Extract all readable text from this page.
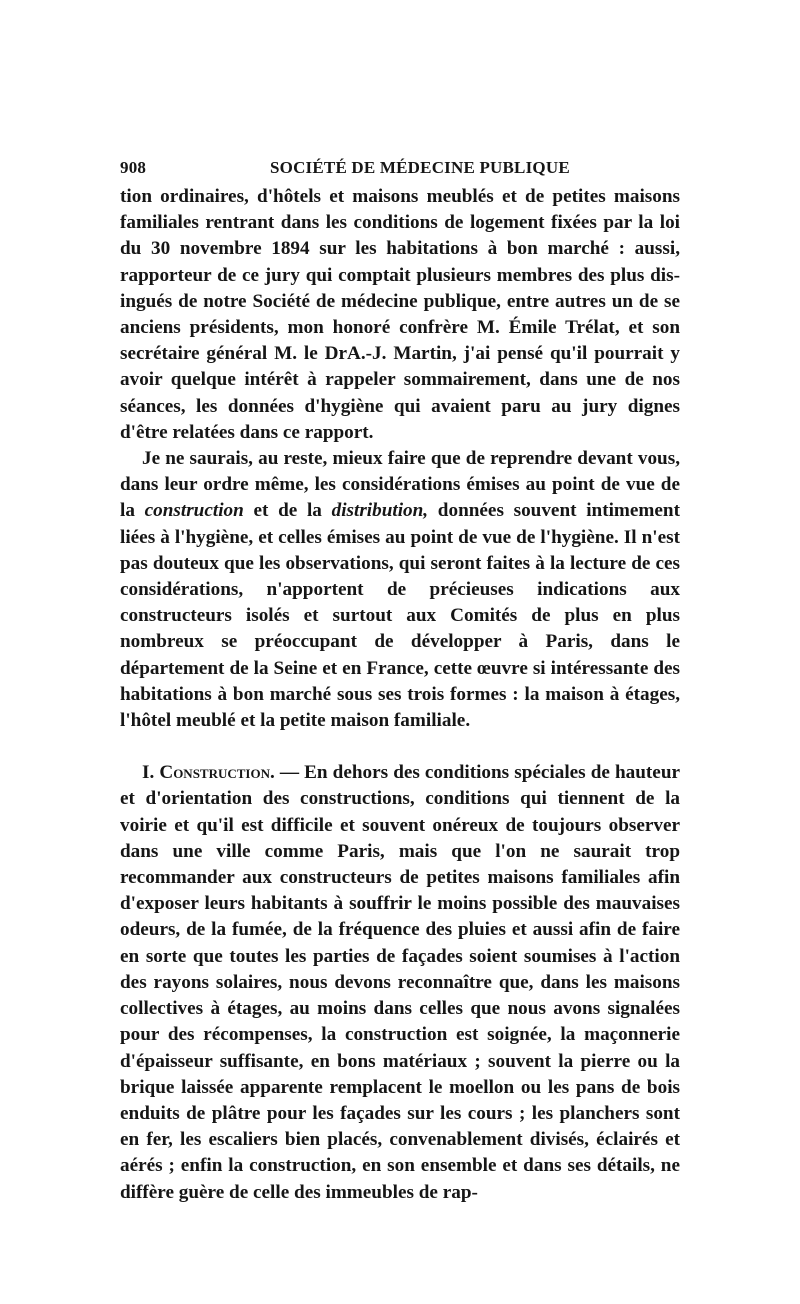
908	SOCIÉTÉ DE MÉDECINE PUBLIQUE

tion ordinaires, d'hôtels et maisons meublés et de petites maisons familiales rentrant dans les conditions de logement fixées par la loi du 30 novembre 1894 sur les habitations à bon marché : aussi, rapporteur de ce jury qui comptait plusieurs membres des plus dis-ingués de notre Société de médecine publique, entre autres un de se anciens présidents, mon honoré confrère M. Émile Trélat, et son secrétaire général M. le DrA.-J. Martin, j'ai pensé qu'il pourrait y avoir quelque intérêt à rappeler sommairement, dans une de nos séances, les données d'hygiène qui avaient paru au jury dignes d'être relatées dans ce rapport.

Je ne saurais, au reste, mieux faire que de reprendre devant vous, dans leur ordre même, les considérations émises au point de vue de la construction et de la distribution, données souvent intimement liées à l'hygiène, et celles émises au point de vue de l'hygiène. Il n'est pas douteux que les observations, qui seront faites à la lecture de ces considérations, n'apportent de précieuses indications aux constructeurs isolés et surtout aux Comités de plus en plus nombreux se préoccupant de développer à Paris, dans le département de la Seine et en France, cette œuvre si intéressante des habitations à bon marché sous ses trois formes : la maison à étages, l'hôtel meublé et la petite maison familiale.

I. Construction. — En dehors des conditions spéciales de hauteur et d'orientation des constructions, conditions qui tiennent de la voirie et qu'il est difficile et souvent onéreux de toujours observer dans une ville comme Paris, mais que l'on ne saurait trop recommander aux constructeurs de petites maisons familiales afin d'exposer leurs habitants à souffrir le moins possible des mauvaises odeurs, de la fumée, de la fréquence des pluies et aussi afin de faire en sorte que toutes les parties de façades soient soumises à l'action des rayons solaires, nous devons reconnaître que, dans les maisons collectives à étages, au moins dans celles que nous avons signalées pour des récompenses, la construction est soignée, la maçonnerie d'épaisseur suffisante, en bons matériaux ; souvent la pierre ou la brique laissée apparente remplacent le moellon ou les pans de bois enduits de plâtre pour les façades sur les cours ; les planchers sont en fer, les escaliers bien placés, convenablement divisés, éclairés et aérés ; enfin la construction, en son ensemble et dans ses détails, ne diffère guère de celle des immeubles de rap-
